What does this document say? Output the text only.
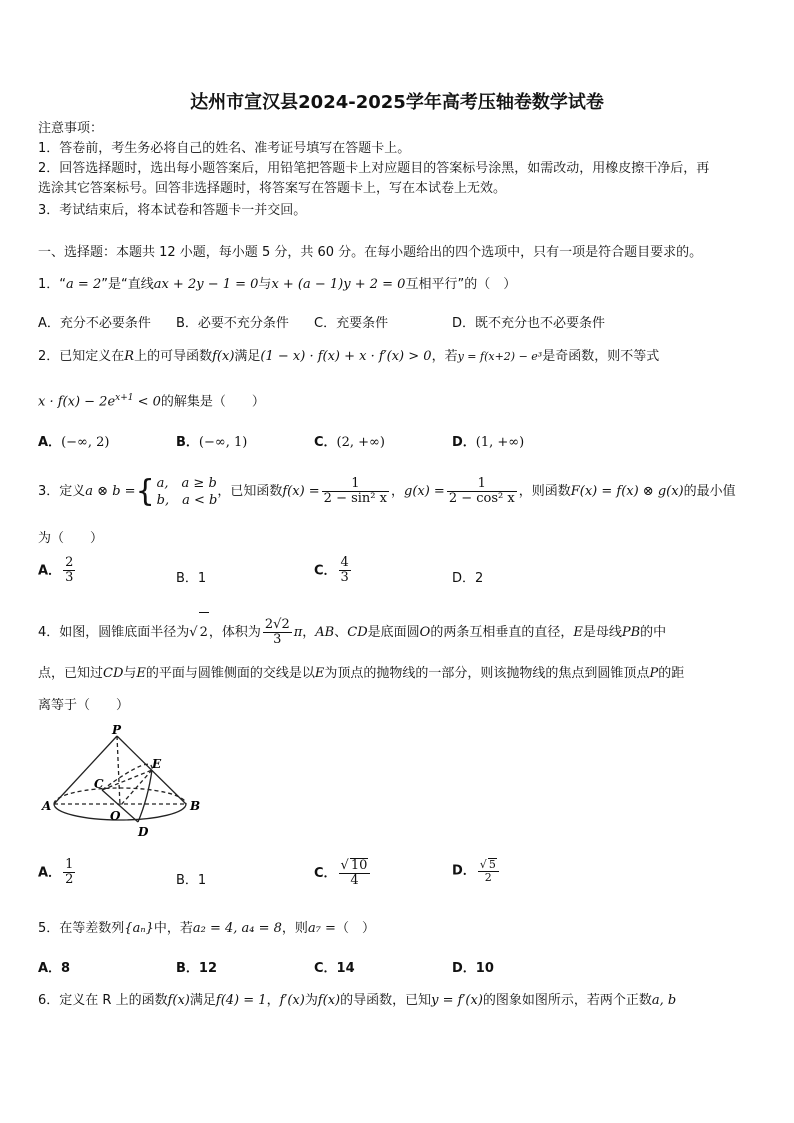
达州市宣汉县2024-2025学年高考压轴卷数学试卷
注意事项：
1．答卷前，考生务必将自己的姓名、准考证号填写在答题卡上。
2．回答选择题时，选出每小题答案后，用铅笔把答题卡上对应题目的答案标号涂黑，如需改动，用橡皮擦干净后，再
选涂其它答案标号。回答非选择题时，将答案写在答题卡上，写在本试卷上无效。
3．考试结束后，将本试卷和答题卡一并交回。
一、选择题：本题共 12 小题，每小题 5 分，共 60 分。在每小题给出的四个选项中，只有一项是符合题目要求的。
1．“a = 2”是“直线ax + 2y − 1 = 0与x + (a − 1)y + 2 = 0互相平行”的（　）
A．充分不必要条件 B．必要不充分条件 C．充要条件	D．既不充分也不必要条件
2．已知定义在R上的可导函数f(x)满足(1 − x) · f(x) + x · f′(x) > 0，若y = f(x+2) − e³是奇函数，则不等式
$x \cdot f(x) - 2e^{x+1} < 0$的解集是（　　）
A．(−∞, 2)	B．(−∞, 1)	C．(2, +∞)	D．(1, +∞)
3．定义a ⊗ b ={ a,　a ≥ b
b,　a < b
，已知函数$f(x) = \frac{1}{\text{2 − sin² x}}$ ，$g(x) = \frac{1}{\text{2 − cos² x}}$ ，则函数F(x) = f(x) ⊗ g(x)的最小值
为（　　）
A． $\frac{2}{3}$	B．1
C． $\frac{4}{3}$	D．2
4．如图，圆锥底面半径为√ 2，体积为 $\frac{2√2}{3}$ π，AB、CD是底面圆O的两条互相垂直的直径，E是母线PB的中
点，已知过CD与E的平面与圆锥侧面的交线是以E为顶点的抛物线的一部分，则该抛物线的焦点到圆锥顶点P的距
离等于（　　）
P
E
C
A
O
B
D
A． $\frac{1}{2}$	B．1	C． $\frac{√ 10}{4}$	D． $\frac{√ 5}{2}$
5．在等差数列{aₙ}中，若a₂ = 4, a₄ = 8，则a₇ =（　）
A．8	B．12	C．14	D．10
6．定义在 R 上的函数f(x)满足f(4) = 1，f′(x)为f(x)的导函数，已知y = f′(x)的图象如图所示，若两个正数a, b
